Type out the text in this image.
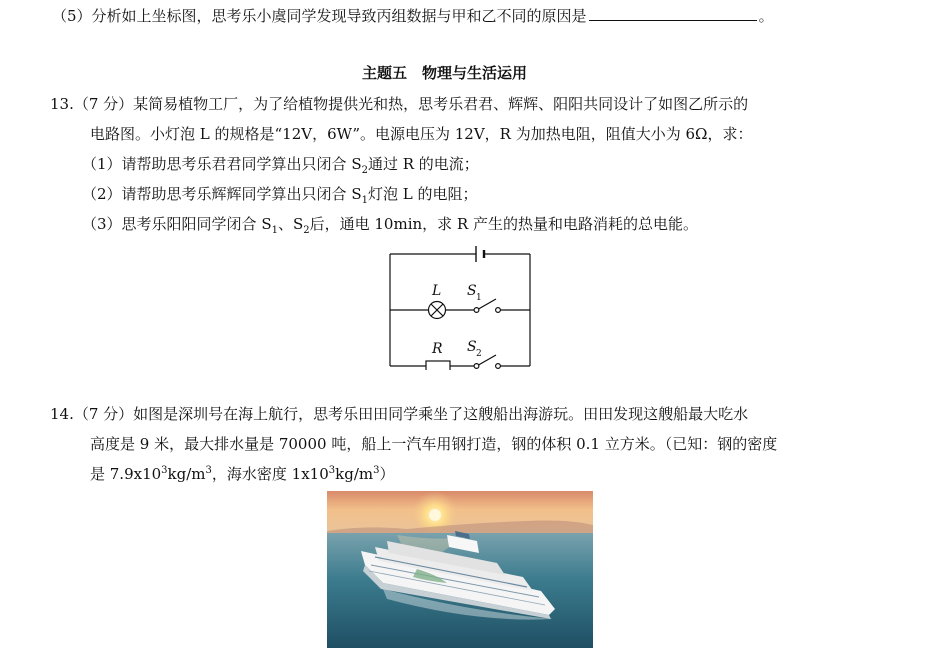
（5）分析如上坐标图，思考乐小虞同学发现导致丙组数据与甲和乙不同的原因是	。
主题五　物理与生活运用
13.（7 分）某简易植物工厂，为了给植物提供光和热，思考乐君君、辉辉、阳阳共同设计了如图乙所示的
电路图。小灯泡 L 的规格是“12V，6W”。电源电压为 12V，R 为加热电阻，阻值大小为 6Ω，求：
（1）请帮助思考乐君君同学算出只闭合 $S_2$通过 R 的电流；
（2）请帮助思考乐辉辉同学算出只闭合 $S_1$灯泡 L 的电阻；
（3）思考乐阳阳同学闭合 $S_1$、$S_2$后，通电 10min，求 R 产生的热量和电路消耗的总电能。
L S 1
R S 2
14.（7 分）如图是深圳号在海上航行，思考乐田田同学乘坐了这艘船出海游玩。田田发现这艘船最大吃水
高度是 9 米，最大排水量是 70000 吨，船上一汽车用钢打造，钢的体积 0.1 立方米。（已知：钢的密度
是 $7.9x10^3kg/m^3$，海水密度 $1x10^3kg/m^3$）
